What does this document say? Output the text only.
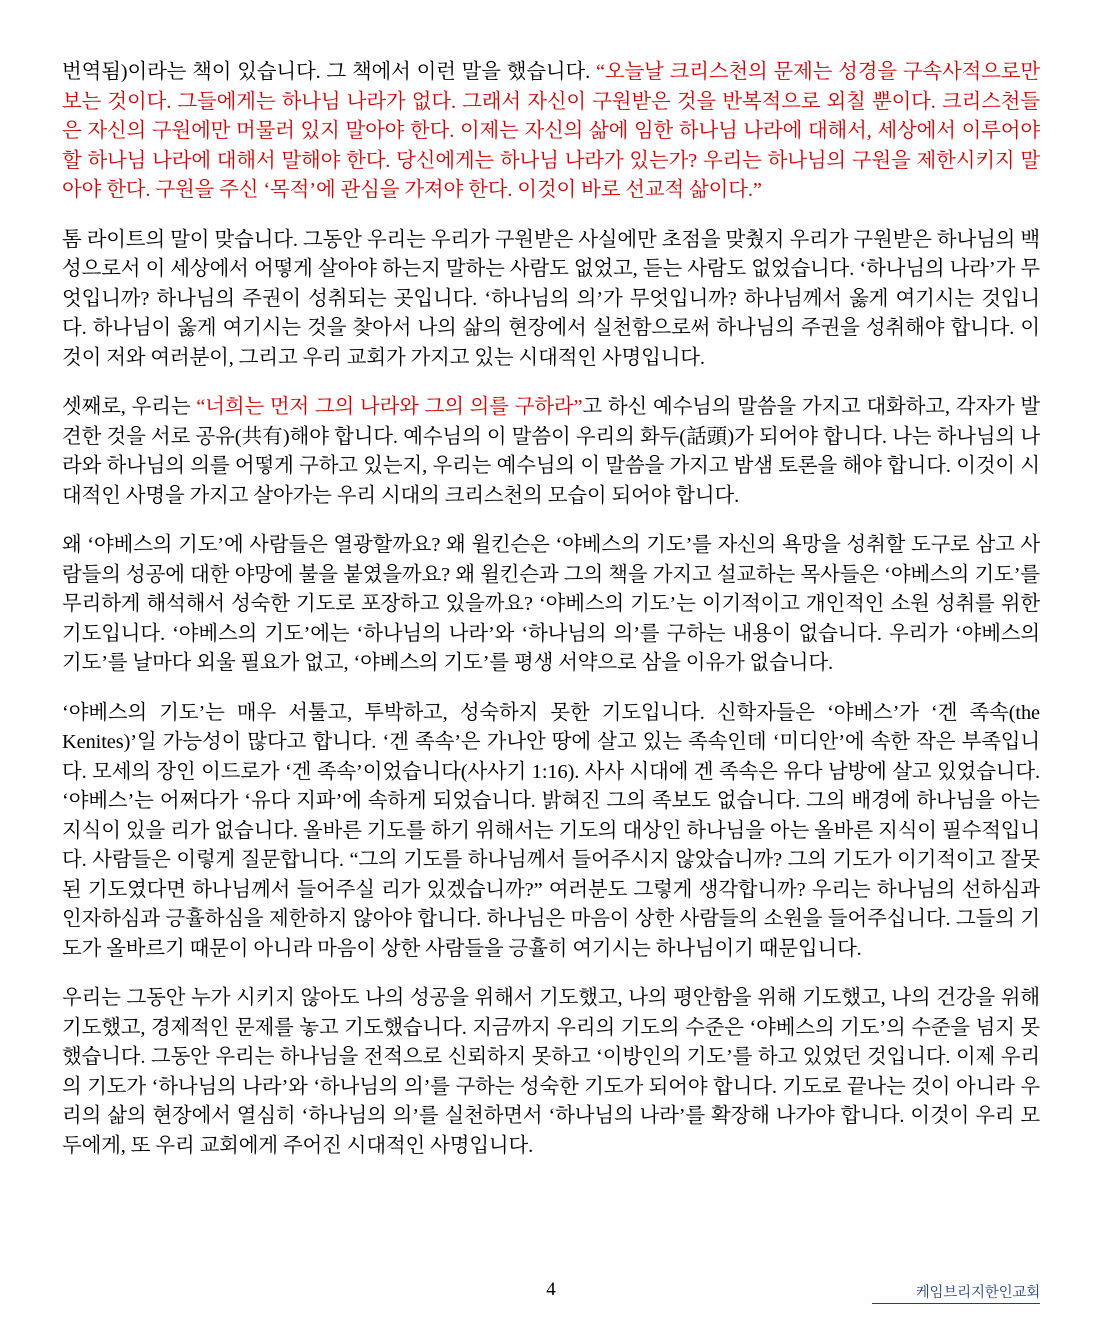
번역됨)이라는 책이 있습니다. 그 책에서 이런 말을 했습니다. “오늘날 크리스천의 문제는 성경을 구속사적으로만 보는 것이다. 그들에게는 하나님 나라가 없다. 그래서 자신이 구원받은 것을 반복적으로 외칠 뿐이다. 크리스천들은 자신의 구원에만 머물러 있지 말아야 한다. 이제는 자신의 삶에 임한 하나님 나라에 대해서, 세상에서 이루어야 할 하나님 나라에 대해서 말해야 한다. 당신에게는 하나님 나라가 있는가? 우리는 하나님의 구원을 제한시키지 말아야 한다. 구원을 주신 ‘목적’에 관심을 가져야 한다. 이것이 바로 선교적 삶이다.”

톰 라이트의 말이 맞습니다. 그동안 우리는 우리가 구원받은 사실에만 초점을 맞췄지 우리가 구원받은 하나님의 백성으로서 이 세상에서 어떻게 살아야 하는지 말하는 사람도 없었고, 듣는 사람도 없었습니다. ‘하나님의 나라’가 무엇입니까? 하나님의 주권이 성취되는 곳입니다. ‘하나님의 의’가 무엇입니까? 하나님께서 옳게 여기시는 것입니다. 하나님이 옳게 여기시는 것을 찾아서 나의 삶의 현장에서 실천함으로써 하나님의 주권을 성취해야 합니다. 이것이 저와 여러분이, 그리고 우리 교회가 가지고 있는 시대적인 사명입니다.

셋째로, 우리는 “너희는 먼저 그의 나라와 그의 의를 구하라”고 하신 예수님의 말씀을 가지고 대화하고, 각자가 발견한 것을 서로 공유(共有)해야 합니다. 예수님의 이 말씀이 우리의 화두(話頭)가 되어야 합니다. 나는 하나님의 나라와 하나님의 의를 어떻게 구하고 있는지, 우리는 예수님의 이 말씀을 가지고 밤샘 토론을 해야 합니다. 이것이 시대적인 사명을 가지고 살아가는 우리 시대의 크리스천의 모습이 되어야 합니다.

왜 ‘야베스의 기도’에 사람들은 열광할까요? 왜 윌킨슨은 ‘야베스의 기도’를 자신의 욕망을 성취할 도구로 삼고 사람들의 성공에 대한 야망에 불을 붙였을까요? 왜 윌킨슨과 그의 책을 가지고 설교하는 목사들은 ‘야베스의 기도’를 무리하게 해석해서 성숙한 기도로 포장하고 있을까요? ‘야베스의 기도’는 이기적이고 개인적인 소원 성취를 위한 기도입니다. ‘야베스의 기도’에는 ‘하나님의 나라’와 ‘하나님의 의’를 구하는 내용이 없습니다. 우리가 ‘야베스의 기도’를 날마다 외울 필요가 없고, ‘야베스의 기도’를 평생 서약으로 삼을 이유가 없습니다.

‘야베스의 기도’는 매우 서툴고, 투박하고, 성숙하지 못한 기도입니다. 신학자들은 ‘야베스’가 ‘겐 족속(the Kenites)’일 가능성이 많다고 합니다. ‘겐 족속’은 가나안 땅에 살고 있는 족속인데 ‘미디안’에 속한 작은 부족입니다. 모세의 장인 이드로가 ‘겐 족속’이었습니다(사사기 1:16). 사사 시대에 겐 족속은 유다 남방에 살고 있었습니다. ‘야베스’는 어쩌다가 ‘유다 지파’에 속하게 되었습니다. 밝혀진 그의 족보도 없습니다. 그의 배경에 하나님을 아는 지식이 있을 리가 없습니다. 올바른 기도를 하기 위해서는 기도의 대상인 하나님을 아는 올바른 지식이 필수적입니다. 사람들은 이렇게 질문합니다. “그의 기도를 하나님께서 들어주시지 않았습니까? 그의 기도가 이기적이고 잘못된 기도였다면 하나님께서 들어주실 리가 있겠습니까?” 여러분도 그렇게 생각합니까? 우리는 하나님의 선하심과 인자하심과 긍휼하심을 제한하지 않아야 합니다. 하나님은 마음이 상한 사람들의 소원을 들어주십니다. 그들의 기도가 올바르기 때문이 아니라 마음이 상한 사람들을 긍휼히 여기시는 하나님이기 때문입니다.

우리는 그동안 누가 시키지 않아도 나의 성공을 위해서 기도했고, 나의 평안함을 위해 기도했고, 나의 건강을 위해 기도했고, 경제적인 문제를 놓고 기도했습니다. 지금까지 우리의 기도의 수준은 ‘야베스의 기도’의 수준을 넘지 못했습니다. 그동안 우리는 하나님을 전적으로 신뢰하지 못하고 ‘이방인의 기도’를 하고 있었던 것입니다. 이제 우리의 기도가 ‘하나님의 나라’와 ‘하나님의 의’를 구하는 성숙한 기도가 되어야 합니다. 기도로 끝나는 것이 아니라 우리의 삶의 현장에서 열심히 ‘하나님의 의’를 실천하면서 ‘하나님의 나라’를 확장해 나가야 합니다. 이것이 우리 모두에게, 또 우리 교회에게 주어진 시대적인 사명입니다.

4	케임브리지한인교회
